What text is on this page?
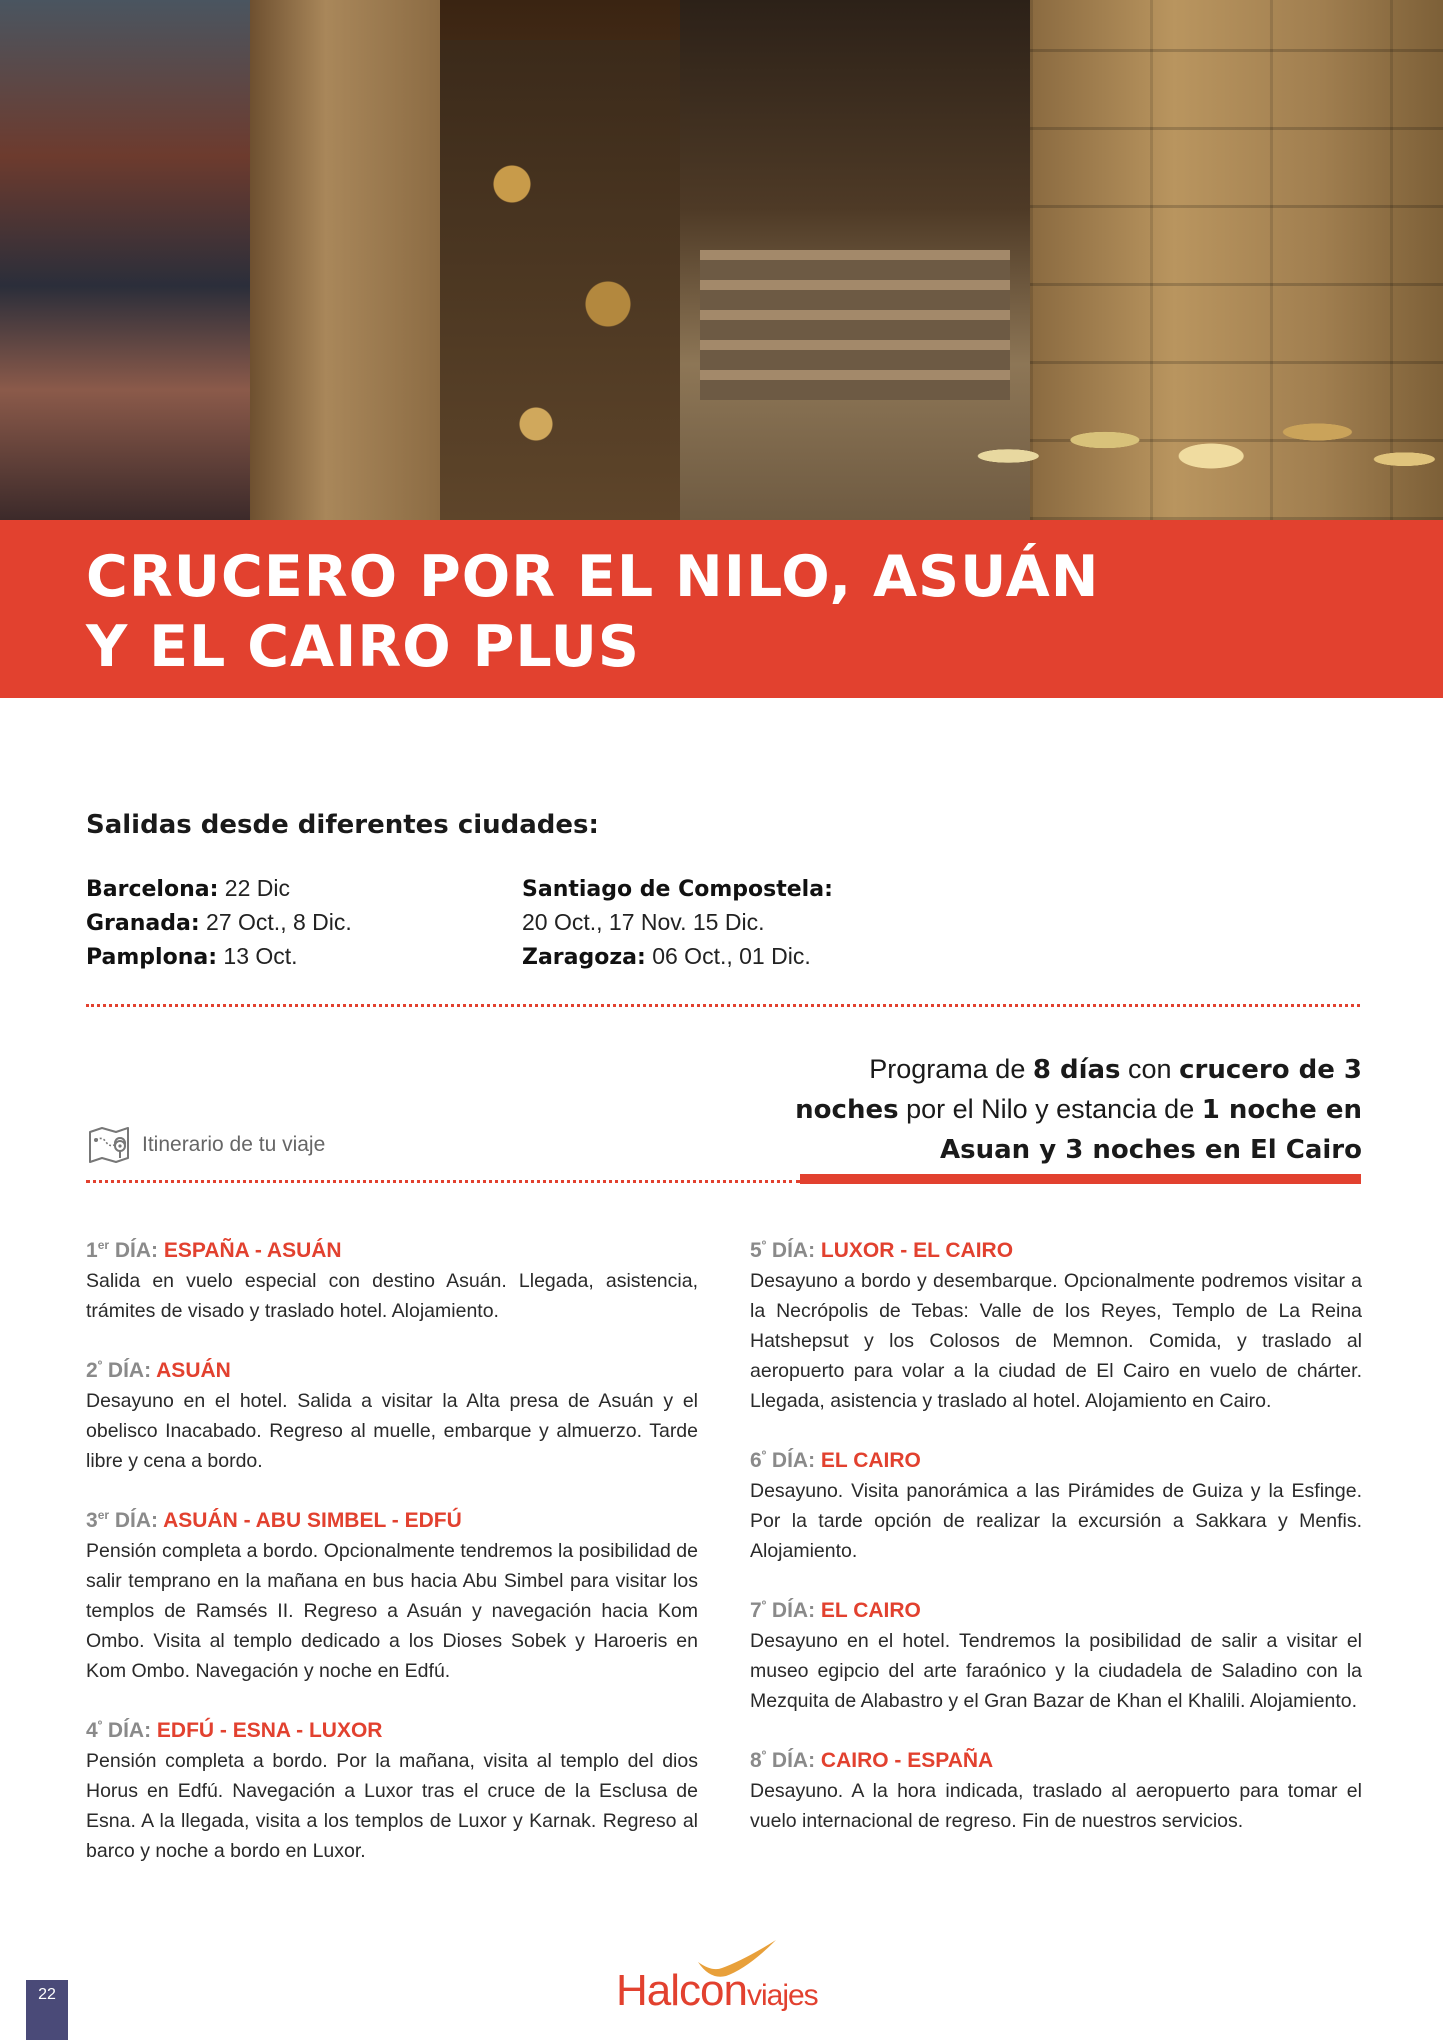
CRUCERO POR EL NILO, ASUÁN
Y EL CAIRO PLUS
Salidas desde diferentes ciudades:
Barcelona: 22 Dic
Granada: 27 Oct., 8 Dic.
Pamplona: 13 Oct.
Santiago de Compostela:
20 Oct., 17 Nov. 15 Dic.
Zaragoza: 06 Oct., 01 Dic.
Programa de 8 días con crucero de 3 noches por el Nilo y estancia de 1 noche en Asuan y 3 noches en El Cairo
Itinerario de tu viaje
1er DÍA: ESPAÑA - ASUÁN
Salida en vuelo especial con destino Asuán. Llegada, asistencia, trámites de visado y traslado hotel. Alojamiento.
$2^º$ DÍA: ASUÁN
Desayuno en el hotel. Salida a visitar la Alta presa de Asuán y el obelisco Inacabado. Regreso al muelle, embarque y almuerzo. Tarde libre y cena a bordo.
3er DÍA: ASUÁN - ABU SIMBEL - EDFÚ
Pensión completa a bordo. Opcionalmente tendremos la posibilidad de salir temprano en la mañana en bus hacia Abu Simbel para visitar los templos de Ramsés II. Regreso a Asuán y navegación hacia Kom Ombo. Visita al templo dedicado a los Dioses Sobek y Haroeris en Kom Ombo. Navegación y noche en Edfú.
$4^º$ DÍA: EDFÚ - ESNA - LUXOR
Pensión completa a bordo. Por la mañana, visita al templo del dios Horus en Edfú. Navegación a Luxor tras el cruce de la Esclusa de Esna. A la llegada, visita a los templos de Luxor y Karnak. Regreso al barco y noche a bordo en Luxor.
$5^º$ DÍA: LUXOR - EL CAIRO
Desayuno a bordo y desembarque. Opcionalmente podremos visitar a la Necrópolis de Tebas: Valle de los Reyes, Templo de La Reina Hatshepsut y los Colosos de Memnon. Comida, y traslado al aeropuerto para volar a la ciudad de El Cairo en vuelo de chárter. Llegada, asistencia y traslado al hotel. Alojamiento en Cairo.
$6^º$ DÍA: EL CAIRO
Desayuno. Visita panorámica a las Pirámides de Guiza y la Esfinge. Por la tarde opción de realizar la excursión a Sakkara y Menfis. Alojamiento.
$7^º$ DÍA: EL CAIRO
Desayuno en el hotel. Tendremos la posibilidad de salir a visitar el museo egipcio del arte faraónico y la ciudadela de Saladino con la Mezquita de Alabastro y el Gran Bazar de Khan el Khalili. Alojamiento.
$8^º$ DÍA: CAIRO - ESPAÑA
Desayuno. A la hora indicada, traslado al aeropuerto para tomar el vuelo internacional de regreso. Fin de nuestros servicios.
22	Halconviajes
